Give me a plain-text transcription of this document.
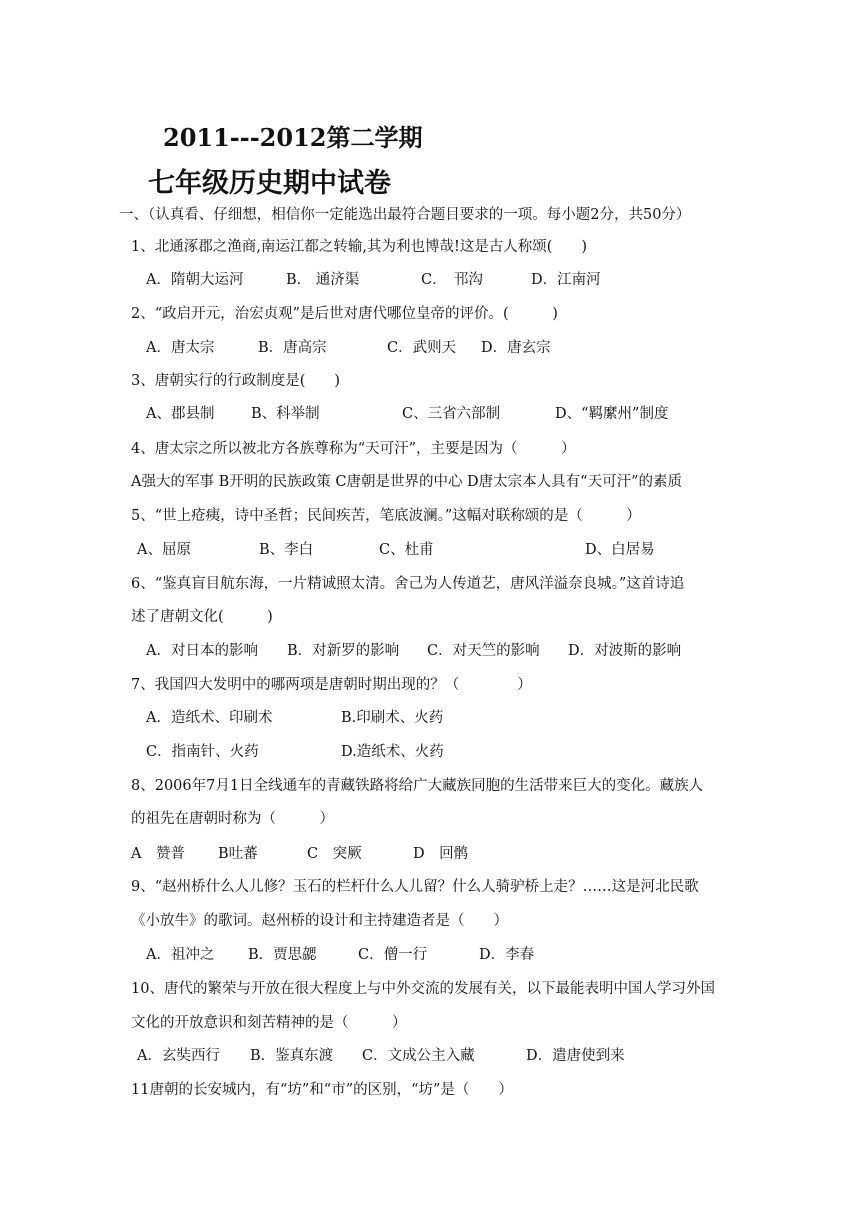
2011---2012第二学期
七年级历史期中试卷
一、（认真看、仔细想，相信你一定能选出最符合题目要求的一项。每小题2分，共50分）
1、北通涿郡之渔商,南运江都之转输,其为利也博哉!这是古人称颂(　　)
A．隋朝大运河	B． 通济渠	C．　邗沟	D．江南河
2、“政启开元，治宏贞观”是后世对唐代哪位皇帝的评价。(　　　)
A．唐太宗	B．唐高宗	C．武则天 D．唐玄宗
3、唐朝实行的行政制度是(　　)
A、郡县制	B、科举制	C、三省六部制	D、“羁縻州”制度
4、唐太宗之所以被北方各族尊称为“天可汗”，主要是因为（　　　）
A强大的军事 B开明的民族政策 C唐朝是世界的中心 D唐太宗本人具有“天可汗”的素质
5、“世上疮痍，诗中圣哲；民间疾苦，笔底波澜。”这幅对联称颂的是（　　　）
A、屈原	B、李白	C、杜甫	D、白居易
6、“鉴真盲目航东海，一片精诚照太清。舍己为人传道艺，唐风洋溢奈良城。”这首诗追
述了唐朝文化(　　　)
A．对日本的影响 B．对新罗的影响 C．对天竺的影响 D．对波斯的影响
7、我国四大发明中的哪两项是唐朝时期出现的？（　　　　）
A．造纸术、印刷术	B.印刷术、火药
C．指南针、火药	D.造纸术、火药
8、2006年7月1日全线通车的青藏铁路将给广大藏族同胞的生活带来巨大的变化。藏族人
的祖先在唐朝时称为（　　　）
A　赞普 B吐蕃	C　突厥	D　回鹘
9、“赵州桥什么人儿修？玉石的栏杆什么人儿留？什么人骑驴桥上走？……这是河北民歌
《小放牛》的歌词。赵州桥的设计和主持建造者是（　　）
A．祖冲之 B．贾思勰	C．僧一行	D．李春
10、唐代的繁荣与开放在很大程度上与中外交流的发展有关，以下最能表明中国人学习外国
文化的开放意识和刻苦精神的是（　　　）
A．玄奘西行 B．鉴真东渡 C．文成公主入藏	D．遣唐使到来
11唐朝的长安城内，有“坊”和“市”的区别，“坊”是（　　）
